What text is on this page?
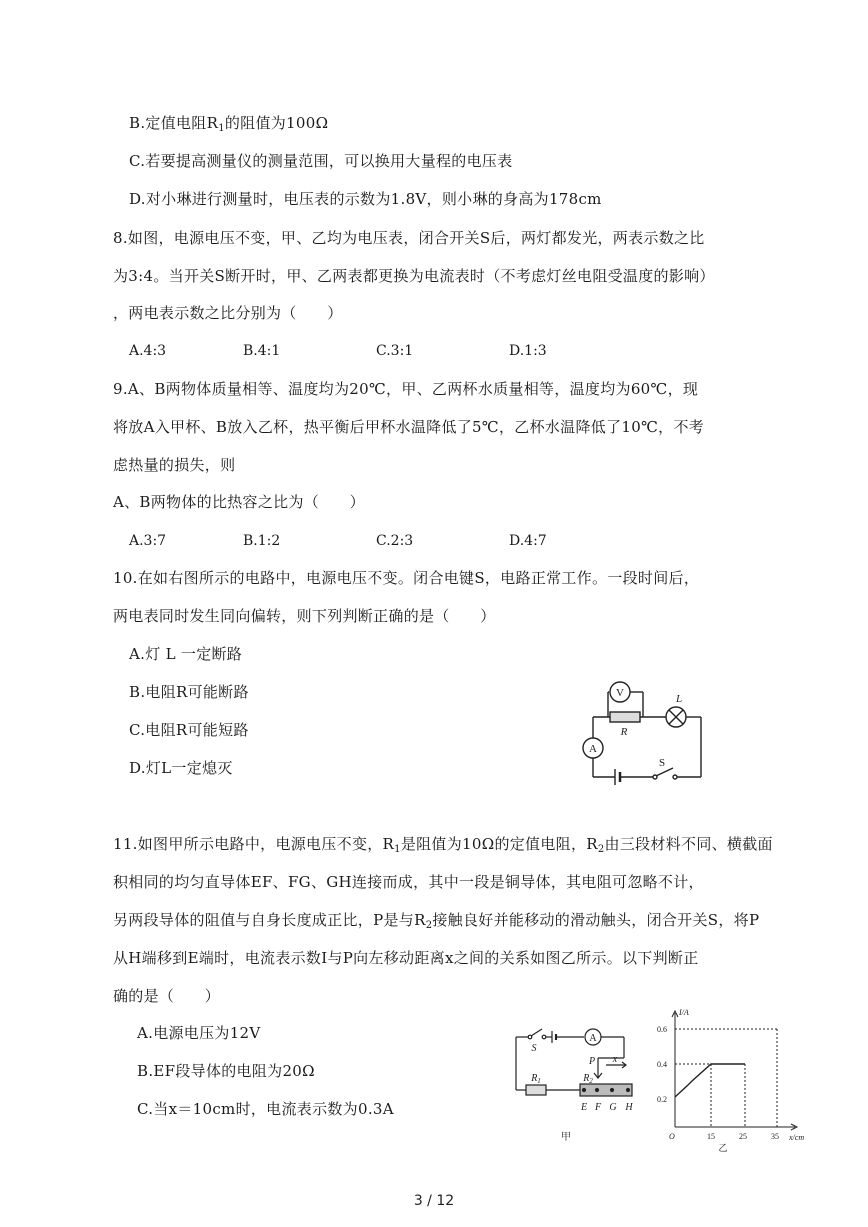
B.定值电阻$R_1$的阻值为100Ω
C.若要提高测量仪的测量范围，可以换用大量程的电压表
D.对小琳进行测量时，电压表的示数为1.8V，则小琳的身高为178cm
8.如图，电源电压不变，甲、乙均为电压表，闭合开关S后，两灯都发光，两表示数之比
为3:4。当开关S断开时，甲、乙两表都更换为电流表时（不考虑灯丝电阻受温度的影响）
，两电表示数之比分别为（　　）
A.4:3	B.4:1	C.3:1	D.1:3
9.A、B两物体质量相等、温度均为20℃，甲、乙两杯水质量相等，温度均为60℃，现
将放A入甲杯、B放入乙杯，热平衡后甲杯水温降低了5℃，乙杯水温降低了10℃，不考
虑热量的损失，则
A、B两物体的比热容之比为（　　）
A.3:7	B.1:2	C.2:3	D.4:7
10.在如右图所示的电路中，电源电压不变。闭合电键S，电路正常工作。一段时间后，
两电表同时发生同向偏转，则下列判断正确的是（　　）
A.灯 L 一定断路
B.电阻R可能断路
C.电阻R可能短路
D.灯L一定熄灭
V
R
L
A
S
11.如图甲所示电路中，电源电压不变，$R_1$是阻值为10Ω的定值电阻，$R_2$由三段材料不同、横截面
积相同的均匀直导体EF、FG、GH连接而成，其中一段是铜导体，其电阻可忽略不计，
另两段导体的阻值与自身长度成正比，P是与$R_2$接触良好并能移动的滑动触头，闭合开关S，将P
从H端移到E端时，电流表示数I与P向左移动距离x之间的关系如图乙所示。以下判断正
确的是（　　）
A.电源电压为12V
B.EF段导体的电阻为20Ω
C.当x＝10cm时，电流表示数为0.3A
A
x
P
S
$R_1$	$R_2$
E F G H
甲
I/A
x/cm
O
0.6
0.4
0.2
15	25	35
乙
3 / 12
